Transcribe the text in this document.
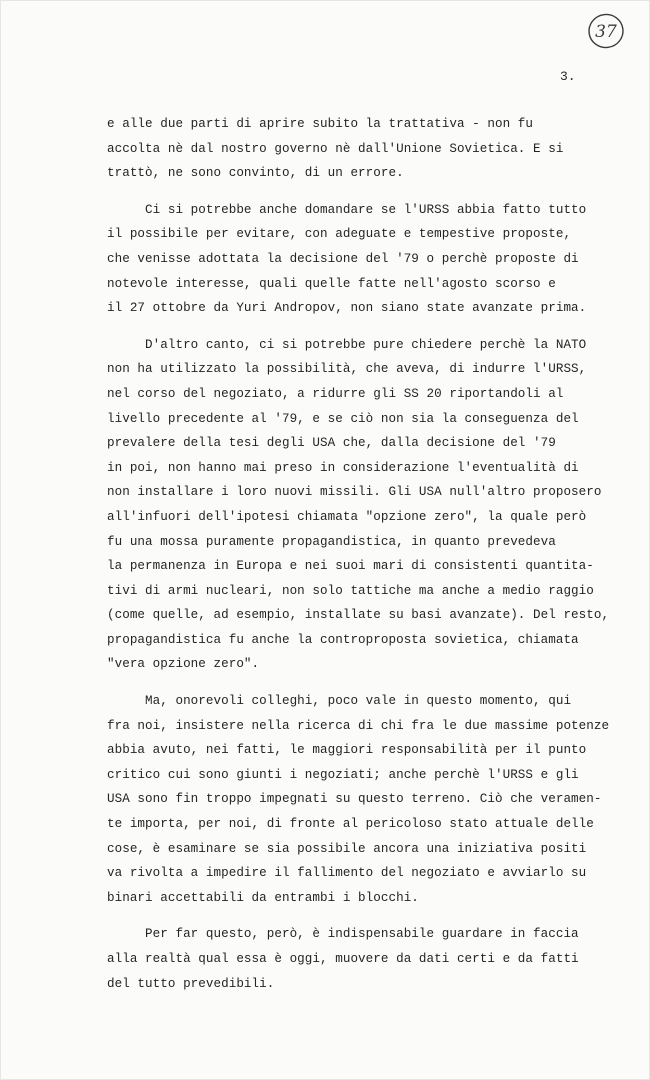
37
3.
e alle due parti di aprire subito la trattativa - non fu
accolta nè dal nostro governo nè dall'Unione Sovietica. E si
trattò, ne sono convinto, di un errore.
Ci si potrebbe anche domandare se l'URSS abbia fatto tutto
il possibile per evitare, con adeguate e tempestive proposte,
che venisse adottata la decisione del '79 o perchè proposte di
notevole interesse, quali quelle fatte nell'agosto scorso e
il 27 ottobre da Yuri Andropov, non siano state avanzate prima.
D'altro canto, ci si potrebbe pure chiedere perchè la NATO
non ha utilizzato la possibilità, che aveva, di indurre l'URSS,
nel corso del negoziato, a ridurre gli SS 20 riportandoli al
livello precedente al '79, e se ciò non sia la conseguenza del
prevalere della tesi degli USA che, dalla decisione del '79
in poi, non hanno mai preso in considerazione l'eventualità di
non installare i loro nuovi missili. Gli USA null'altro proposero
all'infuori dell'ipotesi chiamata "opzione zero", la quale però
fu una mossa puramente propagandistica, in quanto prevedeva
la permanenza in Europa e nei suoi mari di consistenti quantita-
tivi di armi nucleari, non solo tattiche ma anche a medio raggio
(come quelle, ad esempio, installate su basi avanzate). Del resto,
propagandistica fu anche la controproposta sovietica, chiamata
"vera opzione zero".
Ma, onorevoli colleghi, poco vale in questo momento, qui
fra noi, insistere nella ricerca di chi fra le due massime potenze
abbia avuto, nei fatti, le maggiori responsabilità per il punto
critico cui sono giunti i negoziati; anche perchè l'URSS e gli
USA sono fin troppo impegnati su questo terreno. Ciò che veramen-
te importa, per noi, di fronte al pericoloso stato attuale delle
cose, è esaminare se sia possibile ancora una iniziativa positi
va rivolta a impedire il fallimento del negoziato e avviarlo su
binari accettabili da entrambi i blocchi.
Per far questo, però, è indispensabile guardare in faccia
alla realtà qual essa è oggi, muovere da dati certi e da fatti
del tutto prevedibili.
